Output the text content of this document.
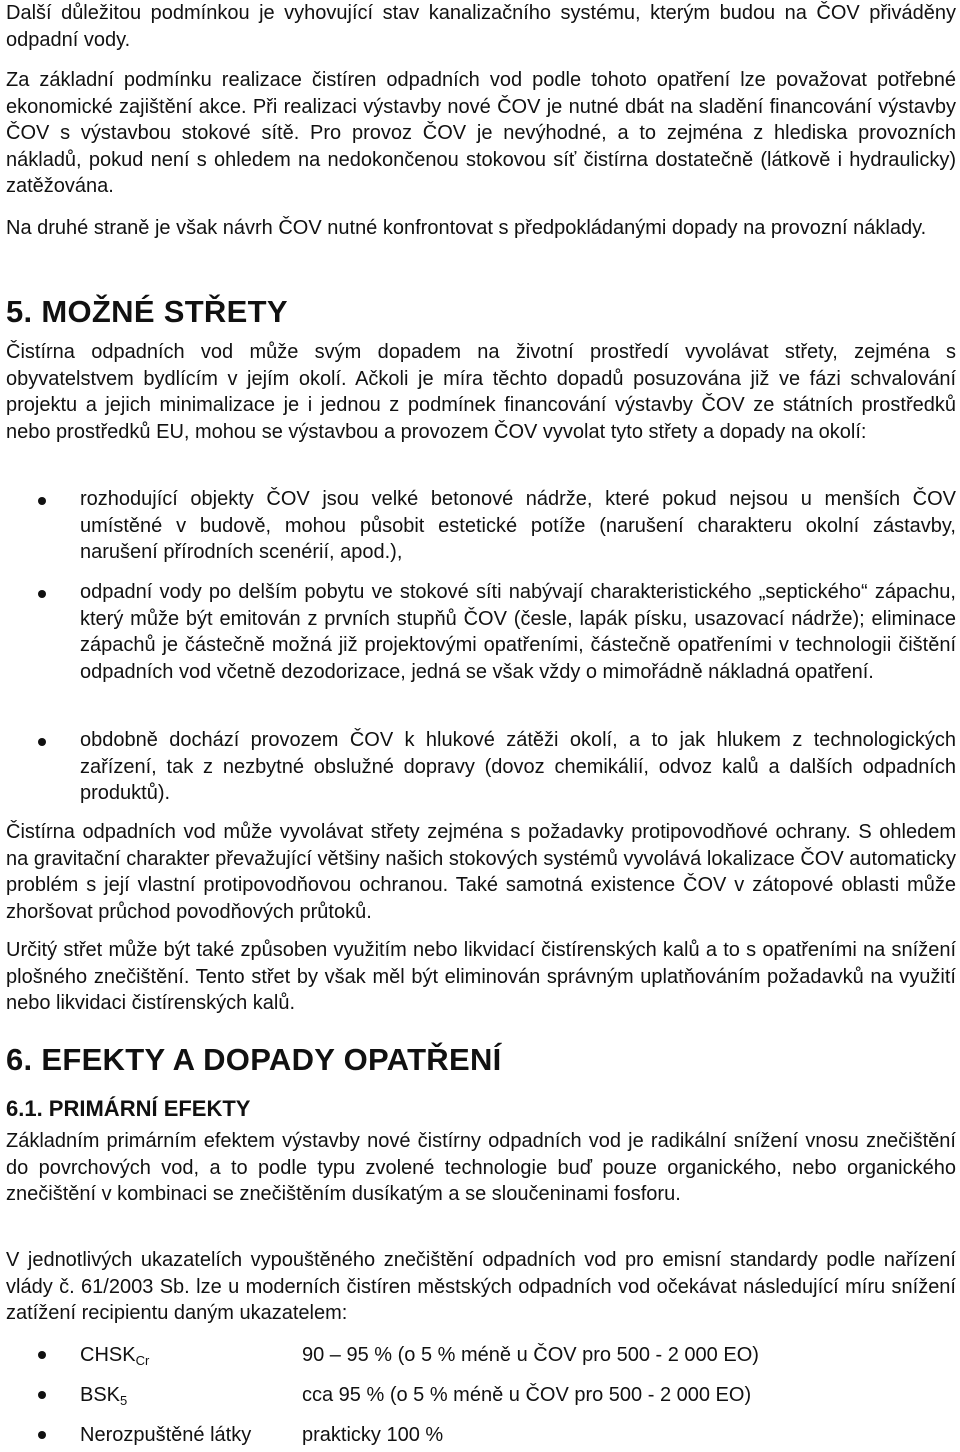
Další důležitou podmínkou je vyhovující stav kanalizačního systému, kterým budou na ČOV přiváděny odpadní vody.

Za základní podmínku realizace čistíren odpadních vod podle tohoto opatření lze považovat potřebné ekonomické zajištění akce. Při realizaci výstavby nové ČOV je nutné dbát na sladění financování výstavby ČOV s výstavbou stokové sítě. Pro provoz ČOV je nevýhodné, a to zejména z hlediska provozních nákladů, pokud není s ohledem na nedokončenou stokovou síť čistírna dostatečně (látkově i hydraulicky) zatěžována.

Na druhé straně je však návrh ČOV nutné konfrontovat s předpokládanými dopady na provozní náklady.

5. MOŽNÉ STŘETY

Čistírna odpadních vod může svým dopadem na životní prostředí vyvolávat střety, zejména s obyvatelstvem bydlícím v jejím okolí. Ačkoli je míra těchto dopadů posuzována již ve fázi schvalování projektu a jejich minimalizace je i jednou z podmínek financování výstavby ČOV ze státních prostředků nebo prostředků EU, mohou se výstavbou a provozem ČOV vyvolat tyto střety a dopady na okolí:

rozhodující objekty ČOV jsou velké betonové nádrže, které pokud nejsou u menších ČOV umístěné v budově, mohou působit estetické potíže (narušení charakteru okolní zástavby, narušení přírodních scenérií, apod.),

odpadní vody po delším pobytu ve stokové síti nabývají charakteristického „septického“ zápachu, který může být emitován z prvních stupňů ČOV (česle, lapák písku, usazovací nádrže); eliminace zápachů je částečně možná již projektovými opatřeními, částečně opatřeními v technologii čištění odpadních vod včetně dezodorizace, jedná se však vždy o mimořádně nákladná opatření.

obdobně dochází provozem ČOV k hlukové zátěži okolí, a to jak hlukem z technologických zařízení, tak z nezbytné obslužné dopravy (dovoz chemikálií, odvoz kalů a dalších odpadních produktů).

Čistírna odpadních vod může vyvolávat střety zejména s požadavky protipovodňové ochrany. S ohledem na gravitační charakter převažující většiny našich stokových systémů vyvolává lokalizace ČOV automaticky problém s její vlastní protipovodňovou ochranou. Také samotná existence ČOV v zátopové oblasti může zhoršovat průchod povodňových průtoků.

Určitý střet může být také způsoben využitím nebo likvidací čistírenských kalů a to s opatřeními na snížení plošného znečištění. Tento střet by však měl být eliminován správným uplatňováním požadavků na využití nebo likvidaci čistírenských kalů.

6. EFEKTY A DOPADY OPATŘENÍ
6.1. PRIMÁRNÍ EFEKTY

Základním primárním efektem výstavby nové čistírny odpadních vod je radikální snížení vnosu znečištění do povrchových vod, a to podle typu zvolené technologie buď pouze organického, nebo organického znečištění v kombinaci se znečištěním dusíkatým a se sloučeninami fosforu.

V jednotlivých ukazatelích vypouštěného znečištění odpadních vod pro emisní standardy podle nařízení vlády č. 61/2003 Sb. lze u moderních čistíren městských odpadních vod očekávat následující míru snížení zatížení recipientu daným ukazatelem:

$CHSK_{Cr}$	90 – 95 % (o 5 % méně u ČOV pro 500 - 2 000 EO)
$BSK_5$	cca 95 % (o 5 % méně u ČOV pro 500 - 2 000 EO)
Nerozpuštěné látky	prakticky 100 %
